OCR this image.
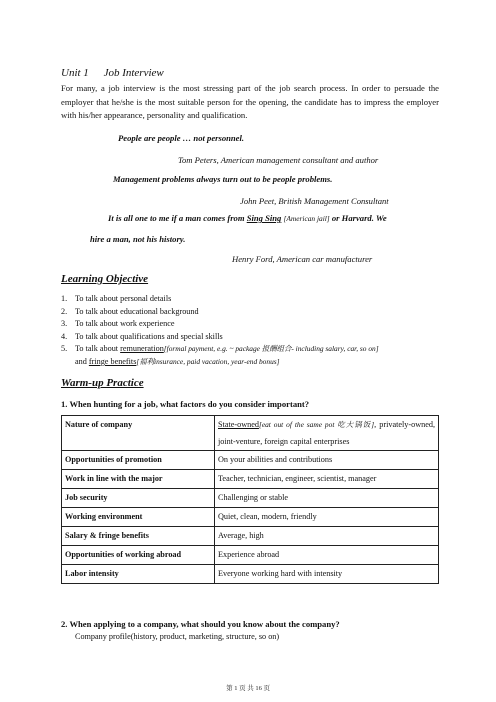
Unit 1 Job Interview
For many, a job interview is the most stressing part of the job search process. In order to persuade the employer that he/she is the most suitable person for the opening, the candidate has to impress the employer with his/her appearance, personality and qualification.
People are people … not personnel.
Tom Peters, American management consultant and author
Management problems always turn out to be people problems.
John Peet, British Management Consultant
It is all one to me if a man comes from Sing Sing [American jail] or Harvard. We
hire a man, not his history.
Henry Ford, American car manufacturer
Learning Objective
1. To talk about personal details
2. To talk about educational background
3. To talk about work experience
4. To talk about qualifications and special skills
5. To talk about remuneration[formal payment, e.g. ~ package 报酬组合- including salary, car, so on]
and fringe benefits[福利insurance, paid vacation, year-end bonus]
Warm-up Practice
1. When hunting for a job, what factors do you consider important?
Nature of company	State-owned[eat out of the same pot 吃大锅饭], privately-owned, joint-venture, foreign capital enterprises
Opportunities of promotion	On your abilities and contributions
Work in line with the major	Teacher, technician, engineer, scientist, manager
Job security	Challenging or stable
Working environment	Quiet, clean, modern, friendly
Salary & fringe benefits	Average, high
Opportunities of working abroad	Experience abroad
Labor intensity	Everyone working hard with intensity
2. When applying to a company, what should you know about the company?
Company profile(history, product, marketing, structure, so on)
第 1 页 共 16 页
